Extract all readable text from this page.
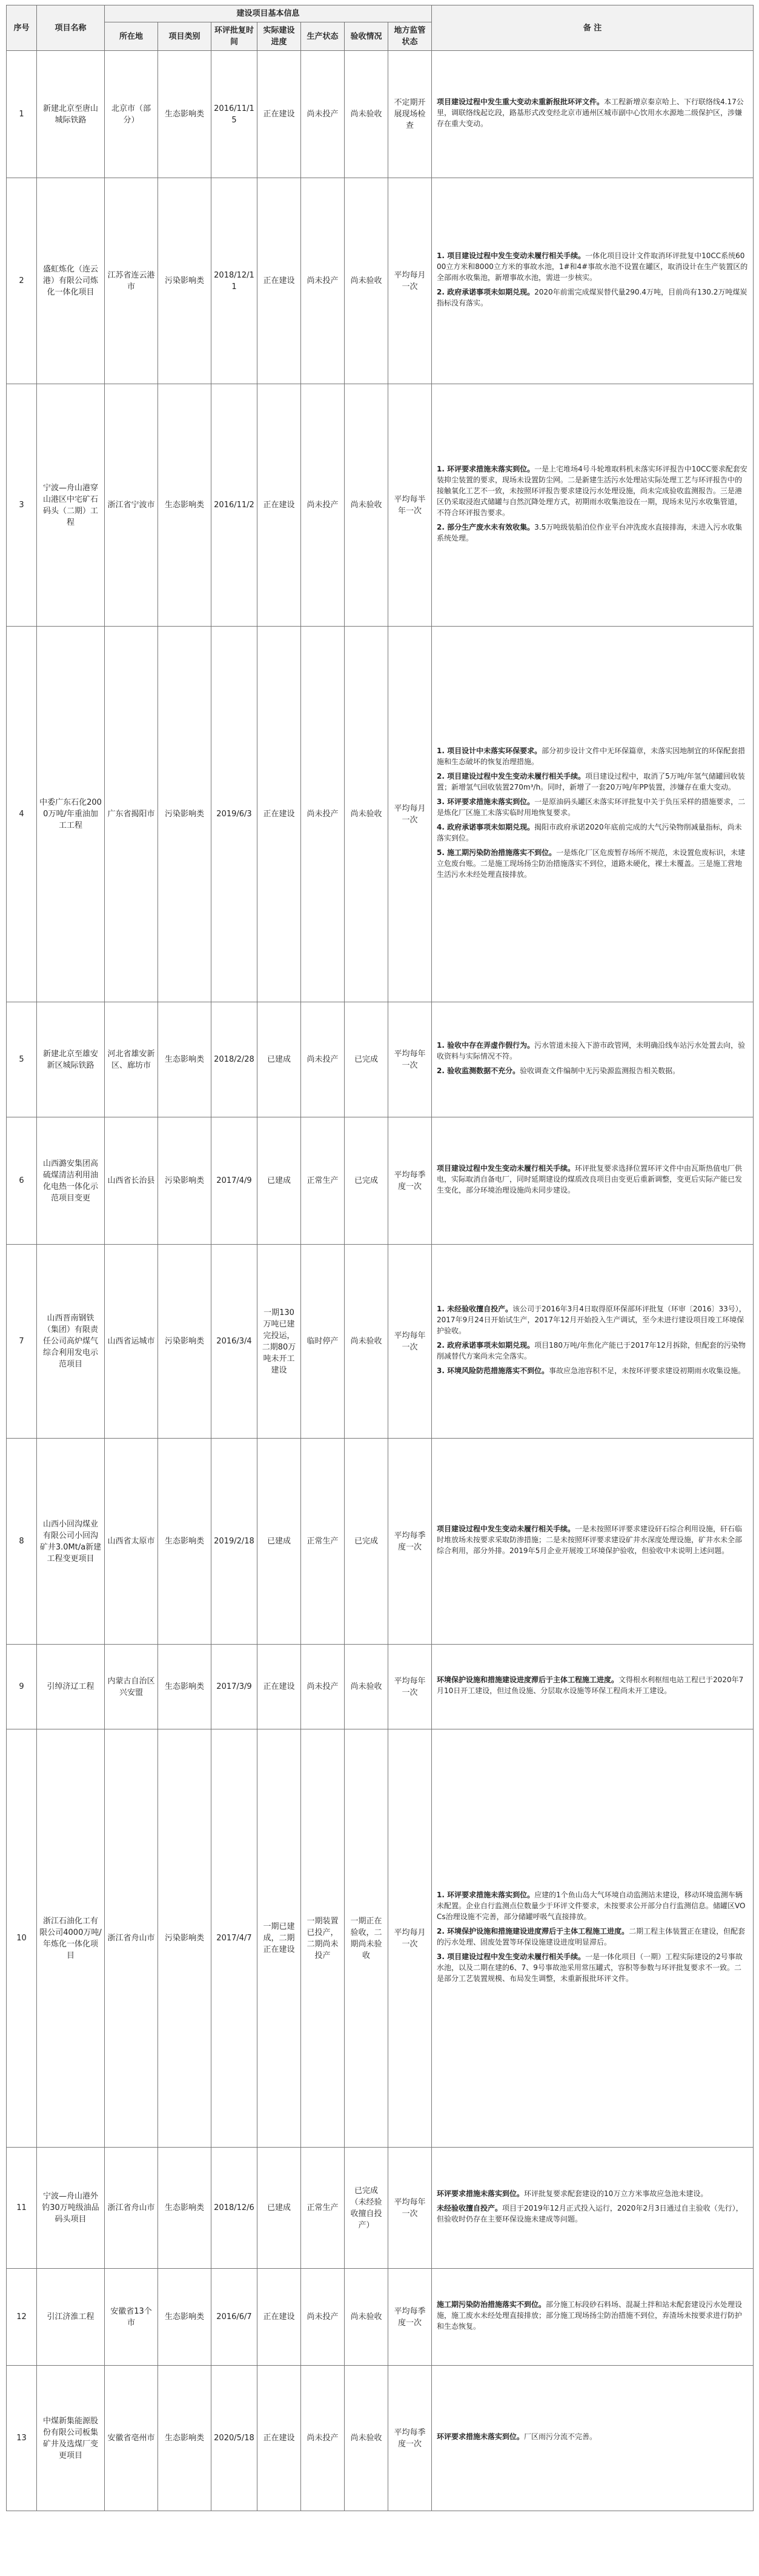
序号	项目名称	建设项目基本信息							备 注
		所在地	项目类别	环评批复时间	实际建设进度	生产状态	验收情况	地方监管状态	
1	新建北京至唐山城际铁路	北京市（部分）	生态影响类	2016/11/15	正在建设	尚未投产	尚未验收	不定期开展现场检查	项目建设过程中发生重大变动未重新报批环评文件。本工程新增京秦京哈上、下行联络线4.17公里，调联络线起讫段，路基形式改变经北京市通州区城市副中心饮用水水源地二级保护区，涉嫌存在重大变动。

2	盛虹炼化（连云港）有限公司炼化一体化项目	江苏省连云港市	污染影响类	2018/12/11	正在建设	尚未投产	尚未验收	平均每月一次	1. 项目建设过程中发生变动未履行相关手续。一体化项目设计文件取消环评批复中10CC系统6000立方米和8000立方米的事故水池，1#和4#事故水池不设置在罐区，取消设计在生产装置区的全部雨水收集池，新增事故水池，需进一步核实。

2. 政府承诺事项未如期兑现。2020年前需完成煤炭替代量290.4万吨，目前尚有130.2万吨煤炭指标没有落实。

3	宁波—舟山港穿山港区中宅矿石码头（二期）工程	浙江省宁波市	生态影响类	2016/11/2	正在建设	尚未投产	尚未验收	平均每半年一次	1. 环评要求措施未落实到位。一是上宅堆场4号斗轮堆取料机未落实环评报告中10CC要求配套安装抑尘装置的要求，现场未设置防尘网。二是新建生活污水处理站实际处理工艺与环评报告中的接触氧化工艺不一致，未按照环评报告要求建设污水处理设施，尚未完成验收监测报告。三是港区仍采取浸泡式储罐与自然沉降处理方式，初期雨水收集池设在一期，现场未见污水收集管道，不符合环评报告要求。

2. 部分生产废水未有效收集。3.5万吨级装船泊位作业平台冲洗废水直接排海，未进入污水收集系统处理。

4	中委广东石化2000万吨/年重油加工工程	广东省揭阳市	污染影响类	2019/6/3	正在建设	尚未投产	尚未验收	平均每月一次	1. 项目设计中未落实环保要求。部分初步设计文件中无环保篇章，未落实因地制宜的环保配套措施和生态破坏的恢复治理措施。

2. 项目建设过程中发生变动未履行相关手续。项目建设过程中，取消了5万吨/年氢气储罐回收装置；新增氢气回收装置270m³/h。同时，新增了一套20万吨/年PP装置，涉嫌存在重大变动。

3. 环评要求措施未落实到位。一是原油码头罐区未落实环评批复中关于负压采样的措施要求，二是炼化厂区施工未落实临时用地恢复要求。

4. 政府承诺事项未如期兑现。揭阳市政府承诺2020年底前完成的大气污染物削减量指标，尚未落实到位。

5. 施工期污染防治措施落实不到位。一是炼化厂区危废暂存场所不规范，未设置危废标识，未建立危废台账。二是施工现场扬尘防治措施落实不到位，道路未硬化，裸土未覆盖。三是施工营地生活污水未经处理直接排放。

5	新建北京至雄安新区城际铁路	河北省雄安新区、廊坊市	生态影响类	2018/2/28	已建成	尚未投产	已完成	平均每年一次	1. 验收中存在弄虚作假行为。污水管道未接入下游市政管网，未明确沿线车站污水处置去向，验收资料与实际情况不符。

2. 验收监测数据不充分。验收调查文件编制中无污染源监测报告相关数据。

6	山西潞安集团高硫煤清洁利用油化电热一体化示范项目变更	山西省长治县	污染影响类	2017/4/9	已建成	正常生产	已完成	平均每季度一次	项目建设过程中发生变动未履行相关手续。环评批复要求选择位置环评文件中由瓦斯热值电厂供电，实际取消自备电厂，同时延期建设的煤质改良项目由变更后重新调整，变更后实际产能已发生变化，部分环境治理设施尚未同步建设。

7	山西晋南钢铁（集团）有限责任公司高炉煤气综合利用发电示范项目	山西省运城市	污染影响类	2016/3/4	一期130万吨已建完投运，二期80万吨未开工建设	临时停产	尚未验收	平均每年一次	1. 未经验收擅自投产。该公司于2016年3月4日取得原环保部环评批复（环审〔2016〕33号），2017年9月24日开始试生产，2017年12月开始投入生产调试，至今未进行建设项目竣工环境保护验收。

2. 政府承诺事项未如期兑现。项目180万吨/年焦化产能已于2017年12月拆除，但配套的污染物削减替代方案尚未完全落实。

3. 环境风险防范措施落实不到位。事故应急池容积不足，未按环评要求建设初期雨水收集设施。

8	山西小回沟煤业有限公司小回沟矿井3.0Mt/a新建工程变更项目	山西省太原市	生态影响类	2019/2/18	已建成	正常生产	已完成	平均每季度一次	项目建设过程中发生变动未履行相关手续。一是未按照环评要求建设矸石综合利用设施，矸石临时堆放场未按要求采取防渗措施；二是未按照环评要求建设矿井水深度处理设施，矿井水未全部综合利用，部分外排。2019年5月企业开展竣工环境保护验收，但验收中未说明上述问题。

9	引绰济辽工程	内蒙古自治区兴安盟	生态影响类	2017/3/9	正在建设	尚未投产	尚未验收	平均每年一次	环境保护设施和措施建设进度滞后于主体工程施工进度。文得根水利枢纽电站工程已于2020年7月10日开工建设，但过鱼设施、分层取水设施等环保工程尚未开工建设。

10	浙江石油化工有限公司4000万吨/年炼化一体化项目	浙江省舟山市	污染影响类	2017/4/7	一期已建成，二期正在建设	一期装置已投产，二期尚未投产	一期正在验收，二期尚未验收	平均每月一次	1. 环评要求措施未落实到位。应建的1个鱼山岛大气环境自动监测站未建设，移动环境监测车辆未配置。企业自行监测点位数量少于环评文件要求，未按要求公开部分自行监测信息。储罐区VOCs治理设施不完善，部分储罐呼吸气直接排放。

2. 环境保护设施和措施建设进度滞后于主体工程施工进度。二期工程主体装置正在建设，但配套的污水处理、固废处置等环保设施建设进度明显滞后。

3. 项目建设过程中发生变动未履行相关手续。一是一体化项目（一期）工程实际建设的2号事故水池，以及二期在建的6、7、9号事故池采用常压罐式，容积等参数与环评批复要求不一致。二是部分工艺装置规模、布局发生调整，未重新报批环评文件。

11	宁波—舟山港外钓30万吨级油品码头项目	浙江省舟山市	生态影响类	2018/12/6	已建成	正常生产	已完成（未经验收擅自投产）	平均每年一次	环评要求措施未落实到位。环评批复要求配套建设的10万立方米事故应急池未建设。

未经验收擅自投产。项目于2019年12月正式投入运行，2020年2月3日通过自主验收（先行），但验收时仍存在主要环保设施未建成等问题。

12	引江济淮工程	安徽省13个市	生态影响类	2016/6/7	正在建设	尚未投产	尚未验收	平均每季度一次	施工期污染防治措施落实不到位。部分施工标段砂石料场、混凝土拌和站未配套建设污水处理设施，施工废水未经处理直接排放；部分施工现场扬尘防治措施不到位，弃渣场未按要求进行防护和生态恢复。

13	中煤新集能源股份有限公司板集矿井及选煤厂变更项目	安徽省亳州市	生态影响类	2020/5/18	正在建设	尚未投产	尚未验收	平均每季度一次	环评要求措施未落实到位。厂区雨污分流不完善。
